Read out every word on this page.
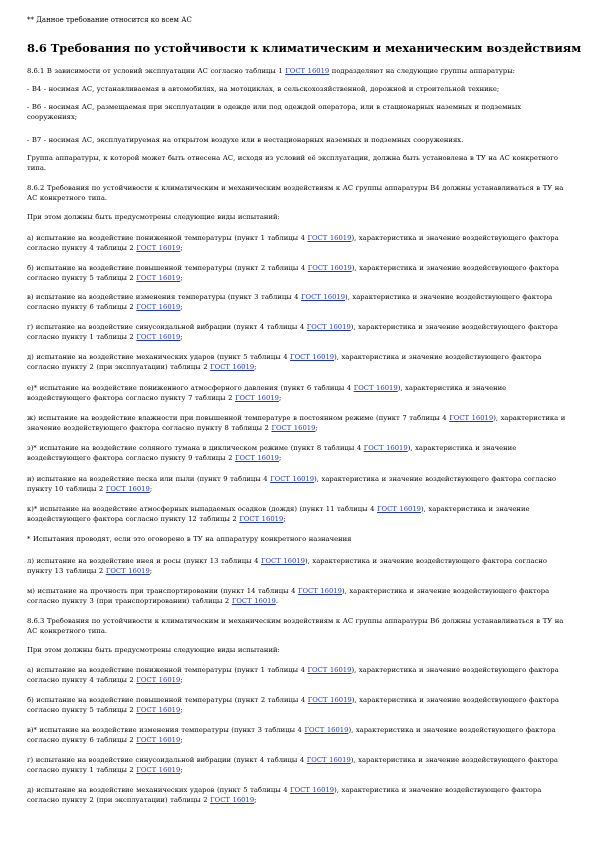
** Данное требование относится ко всем АС
8.6 Требования по устойчивости к климатическим и механическим воздействиям
8.6.1 В зависимости от условий эксплуатации АС согласно таблицы 1 ГОСТ 16019 подразделяют на следующие группы аппаратуры:
- В4 - носимая АС, устанавливаемая в автомобилях, на мотоциклах, в сельскохозяйственной, дорожной и строительной технике;
- В6 - носимая АС, размещаемая при эксплуатации в одежде или под одеждой оператора, или в стационарных наземных и подземных сооружениях;
- В7 - носимая АС, эксплуатируемая на открытом воздухе или в нестационарных наземных и подземных сооружениях.
Группа аппаратуры, к которой может быть отнесена АС, исходя из условий её эксплуатации, должна быть установлена в ТУ на АС конкретного типа.
8.6.2 Требования по устойчивости к климатическим и механическим воздействиям к АС группы аппаратуры В4 должны устанавливаться в ТУ на АС конкретного типа.
При этом должны быть предусмотрены следующие виды испытаний:
а) испытание на воздействие пониженной температуры (пункт 1 таблицы 4 ГОСТ 16019), характеристика и значение воздействующего фактора согласно пункту 4 таблицы 2 ГОСТ 16019;
б) испытание на воздействие повышенной температуры (пункт 2 таблицы 4 ГОСТ 16019), характеристика и значение воздействующего фактора согласно пункту 5 таблицы 2 ГОСТ 16019;
в) испытание на воздействие изменения температуры (пункт 3 таблицы 4 ГОСТ 16019), характеристика и значение воздействующего фактора согласно пункту 6 таблицы 2 ГОСТ 16019;
г) испытание на воздействие синусоидальной вибрации (пункт 4 таблицы 4 ГОСТ 16019), характеристика и значение воздействующего фактора согласно пункту 1 таблицы 2 ГОСТ 16019;
д) испытание на воздействие механических ударов (пункт 5 таблицы 4 ГОСТ 16019), характеристика и значение воздействующего фактора согласно пункту 2 (при эксплуатации) таблицы 2 ГОСТ 16019;
е)* испытание на воздействие пониженного атмосферного давления (пункт 6 таблицы 4 ГОСТ 16019), характеристика и значение воздействующего фактора согласно пункту 7 таблицы 2 ГОСТ 16019;
ж) испытание на воздействие влажности при повышенной температуре в постоянном режиме (пункт 7 таблицы 4 ГОСТ 16019), характеристика и значение воздействующего фактора согласно пункту 8 таблицы 2 ГОСТ 16019;
з)* испытание на воздействие соляного тумана в циклическом режиме (пункт 8 таблицы 4 ГОСТ 16019), характеристика и значение воздействующего фактора согласно пункту 9 таблицы 2 ГОСТ 16019;
и) испытание на воздействие песка или пыли (пункт 9 таблицы 4 ГОСТ 16019), характеристика и значение воздействующего фактора согласно пункту 10 таблицы 2 ГОСТ 16019;
к)* испытание на воздействие атмосферных выпадаемых осадков (дождя) (пункт 11 таблицы 4 ГОСТ 16019), характеристика и значение воздействующего фактора согласно пункту 12 таблицы 2 ГОСТ 16019;
* Испытания проводят, если это оговорено в ТУ на аппаратуру конкретного назначения
л) испытание на воздействие инея и росы (пункт 13 таблицы 4 ГОСТ 16019), характеристика и значение воздействующего фактора согласно пункту 13 таблицы 2 ГОСТ 16019;
м) испытание на прочность при транспортировании (пункт 14 таблицы 4 ГОСТ 16019), характеристика и значение воздействующего фактора согласно пункту 3 (при транспортировании) таблицы 2 ГОСТ 16019.
8.6.3 Требования по устойчивости к климатическим и механическим воздействиям к АС группы аппаратуры В6 должны устанавливаться в ТУ на АС конкретного типа.
При этом должны быть предусмотрены следующие виды испытаний:
а) испытание на воздействие пониженной температуры (пункт 1 таблицы 4 ГОСТ 16019), характеристика и значение воздействующего фактора согласно пункту 4 таблицы 2 ГОСТ 16019;
б) испытание на воздействие повышенной температуры (пункт 2 таблицы 4 ГОСТ 16019), характеристика и значение воздействующего фактора согласно пункту 5 таблицы 2 ГОСТ 16019;
в)* испытание на воздействие изменения температуры (пункт 3 таблицы 4 ГОСТ 16019), характеристика и значение воздействующего фактора согласно пункту 6 таблицы 2 ГОСТ 16019;
г) испытание на воздействие синусоидальной вибрации (пункт 4 таблицы 4 ГОСТ 16019), характеристика и значение воздействующего фактора согласно пункту 1 таблицы 2 ГОСТ 16019;
д) испытание на воздействие механических ударов (пункт 5 таблицы 4 ГОСТ 16019), характеристика и значение воздействующего фактора согласно пункту 2 (при эксплуатации) таблицы 2 ГОСТ 16019;
